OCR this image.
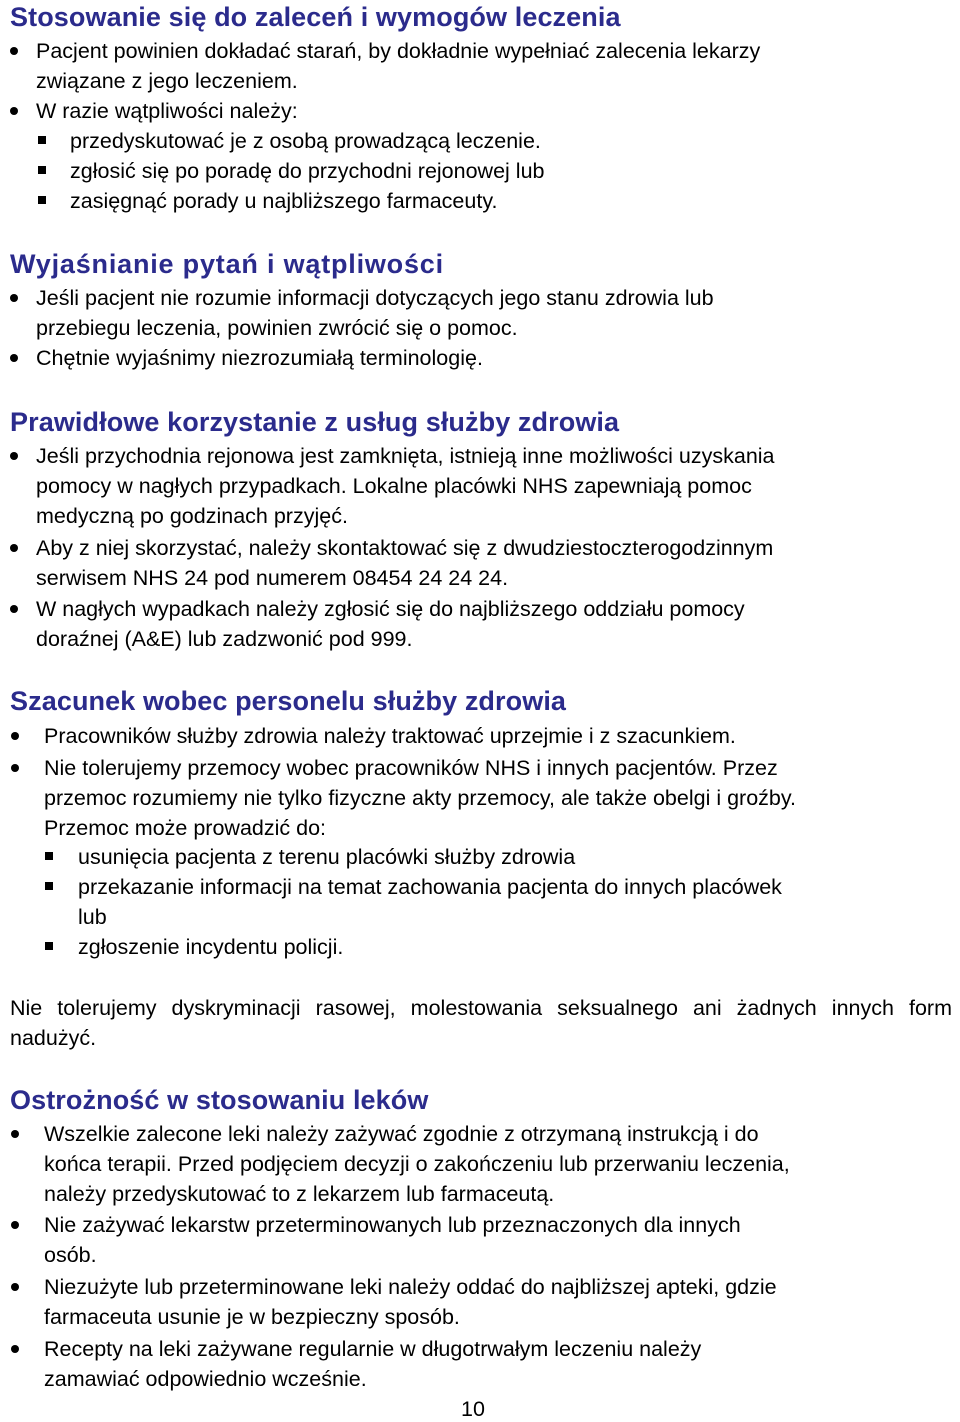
Stosowanie się do zaleceń i wymogów leczenia
Pacjent powinien dokładać starań, by dokładnie wypełniać zalecenia lekarzy
związane z jego leczeniem.
W razie wątpliwości należy:
przedyskutować je z osobą prowadzącą leczenie.
zgłosić się po poradę do przychodni rejonowej lub
zasięgnąć porady u najbliższego farmaceuty.
Wyjaśnianie pytań i wątpliwości
Jeśli pacjent nie rozumie informacji dotyczących jego stanu zdrowia lub
przebiegu leczenia, powinien zwrócić się o pomoc.
Chętnie wyjaśnimy niezrozumiałą terminologię.
Prawidłowe korzystanie z usług służby zdrowia
Jeśli przychodnia rejonowa jest zamknięta, istnieją inne możliwości uzyskania
pomocy w nagłych przypadkach. Lokalne placówki NHS zapewniają pomoc
medyczną po godzinach przyjęć.
Aby z niej skorzystać, należy skontaktować się z dwudziestoczterogodzinnym
serwisem NHS 24 pod numerem 08454 24 24 24.
W nagłych wypadkach należy zgłosić się do najbliższego oddziału pomocy
doraźnej (A&E) lub zadzwonić pod 999.
Szacunek wobec personelu służby zdrowia
Pracowników służby zdrowia należy traktować uprzejmie i z szacunkiem.
Nie tolerujemy przemocy wobec pracowników NHS i innych pacjentów. Przez
przemoc rozumiemy nie tylko fizyczne akty przemocy, ale także obelgi i groźby.
Przemoc może prowadzić do:
usunięcia pacjenta z terenu placówki służby zdrowia
przekazanie informacji na temat zachowania pacjenta do innych placówek
lub
zgłoszenie incydentu policji.
Nie tolerujemy dyskryminacji rasowej, molestowania seksualnego ani żadnych innych form nadużyć.
Ostrożność w stosowaniu leków
Wszelkie zalecone leki należy zażywać zgodnie z otrzymaną instrukcją i do
końca terapii. Przed podjęciem decyzji o zakończeniu lub przerwaniu leczenia,
należy przedyskutować to z lekarzem lub farmaceutą.
Nie zażywać lekarstw przeterminowanych lub przeznaczonych dla innych
osób.
Niezużyte lub przeterminowane leki należy oddać do najbliższej apteki, gdzie
farmaceuta usunie je w bezpieczny sposób.
Recepty na leki zażywane regularnie w długotrwałym leczeniu należy
zamawiać odpowiednio wcześnie.
10
